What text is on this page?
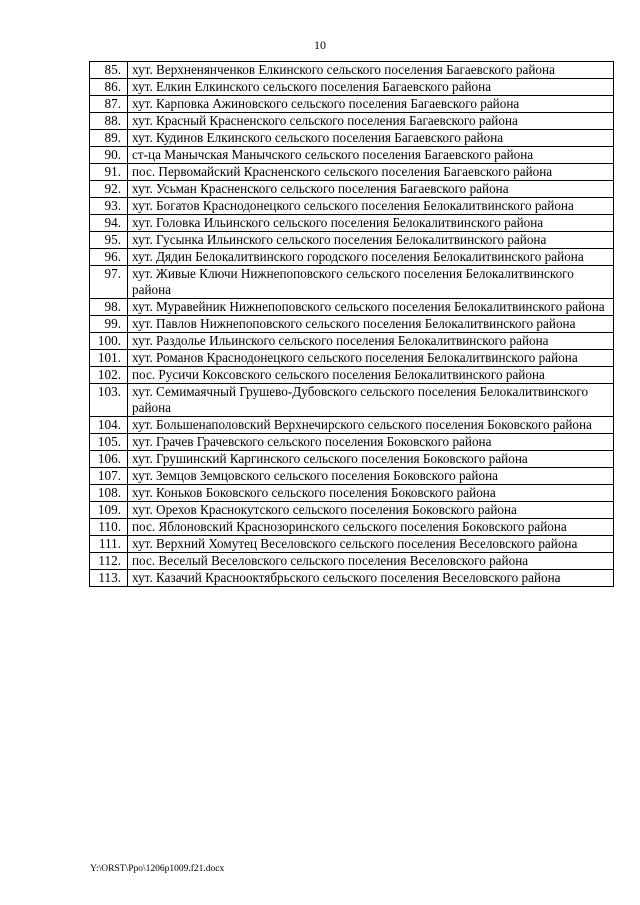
10
85.	хут. Верхненянченков Елкинского сельского поселения Багаевского района
86.	хут. Елкин Елкинского сельского поселения Багаевского района
87.	хут. Карповка Ажиновского сельского поселения Багаевского района
88.	хут. Красный Красненского сельского поселения Багаевского района
89.	хут. Кудинов Елкинского сельского поселения Багаевского района
90.	ст-ца Манычская Манычского сельского поселения Багаевского района
91.	пос. Первомайский Красненского сельского поселения Багаевского района
92.	хут. Усьман Красненского сельского поселения Багаевского района
93.	хут. Богатов Краснодонецкого сельского поселения Белокалитвинского района
94.	хут. Головка Ильинского сельского поселения Белокалитвинского района
95.	хут. Гусынка Ильинского сельского поселения Белокалитвинского района
96.	хут. Дядин Белокалитвинского городского поселения Белокалитвинского района
97.	хут. Живые Ключи Нижнепоповского сельского поселения Белокалитвинского района
98.	хут. Муравейник Нижнепоповского сельского поселения Белокалитвинского района
99.	хут. Павлов Нижнепоповского сельского поселения Белокалитвинского района
100.	хут. Раздолье Ильинского сельского поселения Белокалитвинского района
101.	хут. Романов Краснодонецкого сельского поселения Белокалитвинского района
102.	пос. Русичи Коксовского сельского поселения Белокалитвинского района
103.	хут. Семимаячный Грушево-Дубовского сельского поселения Белокалитвинского района
104.	хут. Большенаполовский Верхнечирского сельского поселения Боковского района
105.	хут. Грачев Грачевского сельского поселения Боковского района
106.	хут. Грушинский Каргинского сельского поселения Боковского района
107.	хут. Земцов Земцовского сельского поселения Боковского района
108.	хут. Коньков Боковского сельского поселения Боковского района
109.	хут. Орехов Краснокутского сельского поселения Боковского района
110.	пос. Яблоновский Краснозоринского сельского поселения Боковского района
111.	хут. Верхний Хомутец Веселовского сельского поселения Веселовского района
112.	пос. Веселый Веселовского сельского поселения Веселовского района
113.	хут. Казачий Краснооктябрьского сельского поселения Веселовского района
Y:\ORST\Ppo\1206p1009.f21.docx
